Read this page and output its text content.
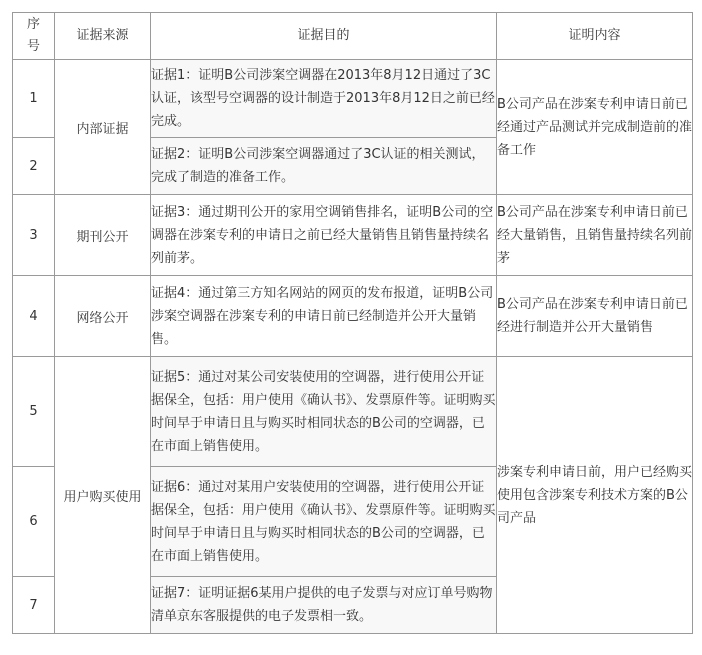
序号	证据来源	证据目的	证明内容
1	内部证据	证据1：证明B公司涉案空调器在2013年8月12日通过了3C认证，该型号空调器的设计制造于2013年8月12日之前已经完成。	B公司产品在涉案专利申请日前已经通过产品测试并完成制造前的准备工作
2		证据2：证明B公司涉案空调器通过了3C认证的相关测试，完成了制造的准备工作。	
3	期刊公开	证据3：通过期刊公开的家用空调销售排名，证明B公司的空调器在涉案专利的申请日之前已经大量销售且销售量持续名列前茅。	B公司产品在涉案专利申请日前已经大量销售，且销售量持续名列前茅
4	网络公开	证据4：通过第三方知名网站的网页的发布报道，证明B公司涉案空调器在涉案专利的申请日前已经制造并公开大量销售。	B公司产品在涉案专利申请日前已经进行制造并公开大量销售
5	用户购买使用	证据5：通过对某公司安装使用的空调器，进行使用公开证据保全，包括：用户使用《确认书》、发票原件等。证明购买时间早于申请日且与购买时相同状态的B公司的空调器，已在市面上销售使用。	涉案专利申请日前，用户已经购买使用包含涉案专利技术方案的B公司产品
6		证据6：通过对某用户安装使用的空调器，进行使用公开证据保全，包括：用户使用《确认书》、发票原件等。证明购买时间早于申请日且与购买时相同状态的B公司的空调器，已在市面上销售使用。	
7		证据7：证明证据6某用户提供的电子发票与对应订单号购物清单京东客服提供的电子发票相一致。	
